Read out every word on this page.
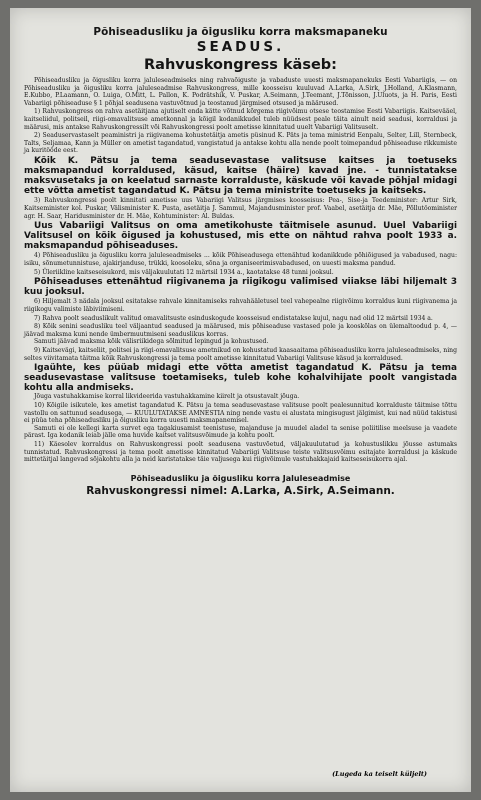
Põhiseadusliku ja õigusliku korra maksmapaneku
SEADUS.
Rahvuskongress käseb:
Põhiseadusliku ja õigusliku korra jaluleseadmiseks ning rahvaõiguste ja vabaduste uuesti maksmapanekuks Eesti Vabariigis, — on Põhiseadusliku ja õigusliku korra jaluleseadmise Rahvuskongress, mille koosseisu kuuluvad A.Larka, A.Sirk, J.Holland, A.Klasmann, E.Kubbo, P.Laamann, O. Luiga, O.Mitt, L. Pallon, K. Podrätshik, V. Puskar, A.Seimann, J.Teemant, J.Tõnisson, J.Uluots, ja H. Paris, Eesti Vabariigi põhiseaduse § 1 põhjal seadusena vastuvõtnud ja teostanud järgmised otsused ja määrused.
1) Rahvuskongress on rahva asetäitjana ajutiselt enda kätte võtnud kõrgema riigivõimu otsese teostamise Eesti Vabariigis. Kaitsevääel, kaitseliidul, politseil, riigi-omavalitsuse ametkonnal ja kõigil kodanikkudel tuleb nüüdsest peale täita ainult neid seadusi, korraldusi ja määrusi, mis antakse Rahvuskongressilt või Rahvuskongressi poolt ametisse kinnitatud uuelt Vabariigi Valitsuselt.
2) Seaduservastaselt peaministri ja riigivanema kohustetäitja ametis püsinud K. Päts ja tema ministrid Eenpalu, Selter, Lill, Sternbeck, Talts, Seljamaa, Kann ja Müller on ametist tagandatud, vangistatud ja antakse kohtu alla nende poolt toimepandud põhiseaduse rikkumiste ja kuritööde eest.
Kõik K. Pätsu ja tema seadusevastase valitsuse kaitses ja toetuseks maksmapandud korraldused, käsud, kaitse (häire) kavad jne. - tunnistatakse maksvusetaks ja on keelatud sarnaste korralduste, käskude või kavade põhjal midagi ette võtta ametist tagandatud K. Pätsu ja tema ministrite toetuseks ja kaitseks.
3) Rahvuskongressi poolt kinnitati ametisse uus Vabariigi Valitsus järgmises koosseisus: Pea-, Sise-ja Teedeminister: Artur Sirk, Kaitseminister kol. Puskar, Välisminister K. Pusta, asetäitja J. Sammul, Majandusminister prof. Vaabel, asetäitja dr. Mäe, Põllutöominister agr. H. Saar, Haridusminister dr. H. Mäe, Kohtuminister: Al. Buldas.
Uus Vabariigi Valitsus on oma ametikohuste täitmisele asunud. Uuel Vabariigi Valitsusel on kõik õigused ja kohustused, mis ette on nähtud rahva poolt 1933 a. maksmapandud põhiseaduses.
4) Põhiseadusliku ja õigusliku korra jaluleseadmiseks ... kõik Põhiseadusega ettenähtud kodanikkude põhiõigused ja vabadused, nagu: isiku, sõnumetunnistuse, ajakirjanduse, trükki, koosoleku, sõna ja organiseerimisvabadused, on uuesti maksma pandud.
5) Üleriikline kaitseseisukord, mis väljakuulutati 12 märtsil 1934 a., kaotatakse 48 tunni jooksul.
Põhiseaduses ettenähtud riigivanema ja riigikogu valimised viiakse läbi hiljemalt 3 kuu jooksul.
6) Hiljemalt 3 nädala jooksul esitatakse rahvale kinnitamiseks rahvahääletusel teel vahepealne riigivõimu korraldus kuni riigivanema ja riigikogu valimiste läbiviimiseni.
7) Rahva poolt seaduslikult valitud omavalitsuste esinduskogude koosseisud endistatakse kujul, nagu nad olid 12 märtsil 1934 a.
8) Kõik senini seadusliku teel väljaantud seadused ja määrused, mis põhiseaduse vastased pole ja kooskõlas on ülemaltoodud p. 4, — jäävad maksma kuni nende ümbermuutmiseni seaduslikus korras.
Samuti jäävad maksma kõik välisriikidega sõlmitud lepingud ja kohustused.
9) Kaitsevägi, kaitseliit, politsei ja riigi-omavalitsuse ametnikud on kohustatud kaasaaitama põhiseadusliku korra jaluleseadmiseks, ning seltes viivitamata täitma kõik Rahvuskongressi ja tema poolt ametisse kinnitatud Vabariigi Valitsuse käsud ja korraldused.
Igaühte, kes püüab midagi ette võtta ametist tagandatud K. Pätsu ja tema seadusevastase valitsuse toetamiseks, tuleb kohe kohalvihijate poolt vangistada kohtu alla andmiseks.
Jõuga vastuhakkamise korral likvideerida vastuhakkamine kiirelt ja otsustavalt jõuga.
10) Kõigile isikutele, kes ametist tagandatud K. Pätsu ja tema seadusevastase valitsuse poolt pealesunnitud korralduste täitmise tõttu vastollu on sattunud seadusega, — KUULUTATAKSE AMNESTIA ning nende vastu ei alustata mingisugust jälgimist, kui nad nüüd takistusi ei püüa teha põhiseadusliku ja õigusliku korra uuesti maksmapanemisel.
Samuti ei ole kellegi karta survet ega tagakiusamist teenistuse, majanduse ja muudel aladel ta senise poliitilise meelsuse ja vaadete pärast. Iga kodanik leiab jälle oma huvide kaitset valitsusvõimude ja kohtu poolt.
11) Käesolev korraldus on Rahvuskongressi poolt seadusena vastuvõetud, väljakuulutatud ja kohustuslikku jõusse astumaks tunnistatud. Rahvuskongressi ja tema poolt ametisse kinnitatud Vabariigi Valitsuse teiste valitsusvõimu esitajate korraldusi ja käskude mittetäitjal langevad sõjakohtu alla ja neid karistatakse täie valjusega kui riigivõimule vastuhakkajaid kaitseseisukorra ajal.
Põhiseadusliku ja õigusliku korra Jaluleseadmise
Rahvuskongressi nimel: A.Larka, A.Sirk, A.Seimann.
(Lugeda ka teiselt küljelt)
